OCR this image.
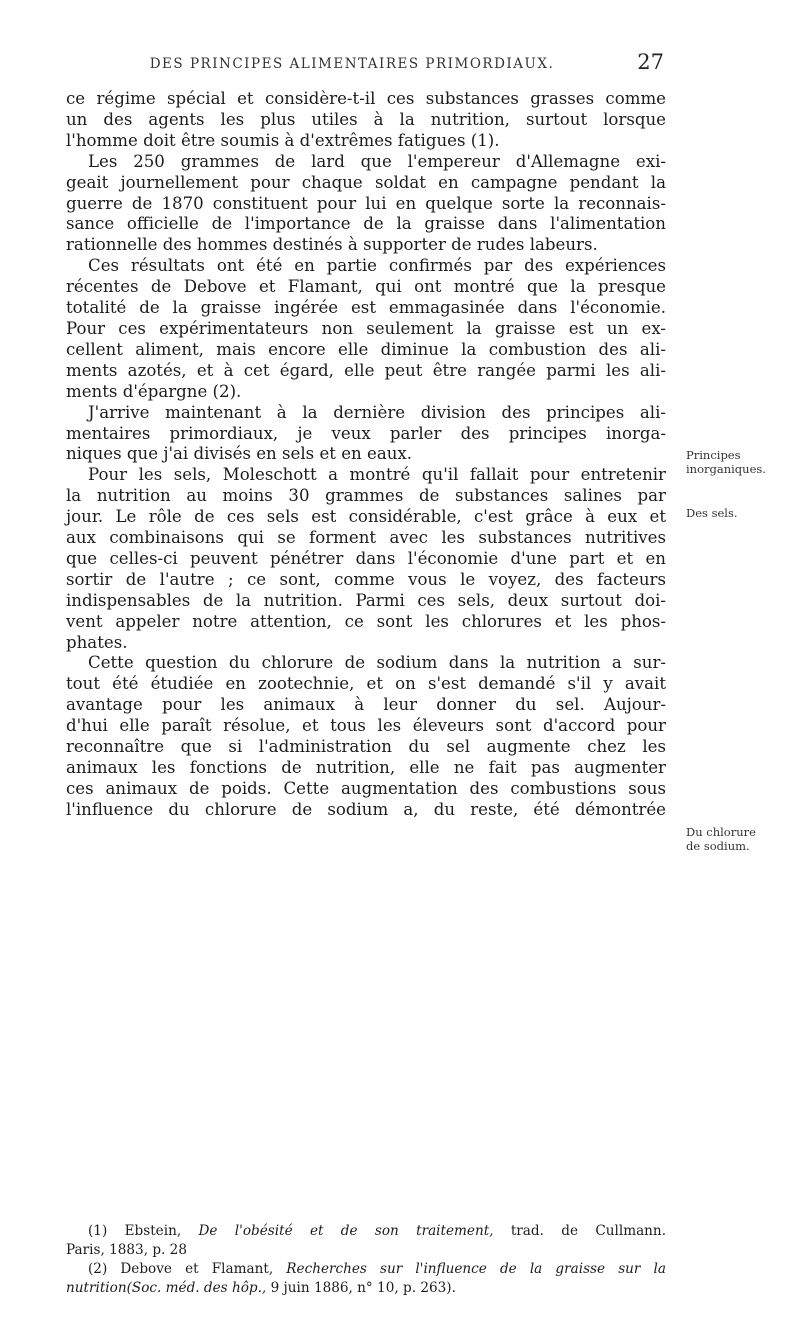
DES PRINCIPES ALIMENTAIRES PRIMORDIAUX.	27
ce régime spécial et considère-t-il ces substances grasses comme
un des agents les plus utiles à la nutrition, surtout lorsque
l'homme doit être soumis à d'extrêmes fatigues (1).
Les 250 grammes de lard que l'empereur d'Allemagne exi-
geait journellement pour chaque soldat en campagne pendant la
guerre de 1870 constituent pour lui en quelque sorte la reconnais-
sance officielle de l'importance de la graisse dans l'alimentation
rationnelle des hommes destinés à supporter de rudes labeurs.
Ces résultats ont été en partie confirmés par des expériences
récentes de Debove et Flamant, qui ont montré que la presque
totalité de la graisse ingérée est emmagasinée dans l'économie.
Pour ces expérimentateurs non seulement la graisse est un ex-
cellent aliment, mais encore elle diminue la combustion des ali-
ments azotés, et à cet égard, elle peut être rangée parmi les ali-
ments d'épargne (2).
J'arrive maintenant à la dernière division des principes ali-
mentaires primordiaux, je veux parler des principes inorga-
niques que j'ai divisés en sels et en eaux.
Pour les sels, Moleschott a montré qu'il fallait pour entretenir
la nutrition au moins 30 grammes de substances salines par
jour. Le rôle de ces sels est considérable, c'est grâce à eux et
aux combinaisons qui se forment avec les substances nutritives
que celles-ci peuvent pénétrer dans l'économie d'une part et en
sortir de l'autre ; ce sont, comme vous le voyez, des facteurs
indispensables de la nutrition. Parmi ces sels, deux surtout doi-
vent appeler notre attention, ce sont les chlorures et les phos-
phates.
Cette question du chlorure de sodium dans la nutrition a sur-
tout été étudiée en zootechnie, et on s'est demandé s'il y avait
avantage pour les animaux à leur donner du sel. Aujour-
d'hui elle paraît résolue, et tous les éleveurs sont d'accord pour
reconnaître que si l'administration du sel augmente chez les
animaux les fonctions de nutrition, elle ne fait pas augmenter
ces animaux de poids. Cette augmentation des combustions sous
l'influence du chlorure de sodium a, du reste, été démontrée
Principes
inorganiques.
Des sels.
Du chlorure
de sodium.
(1) Ebstein, De l'obésité et de son traitement, trad. de Cullmann.
Paris, 1883, p. 28
(2) Debove et Flamant, Recherches sur l'influence de la graisse sur la
nutrition(Soc. méd. des hôp., 9 juin 1886, n° 10, p. 263).
